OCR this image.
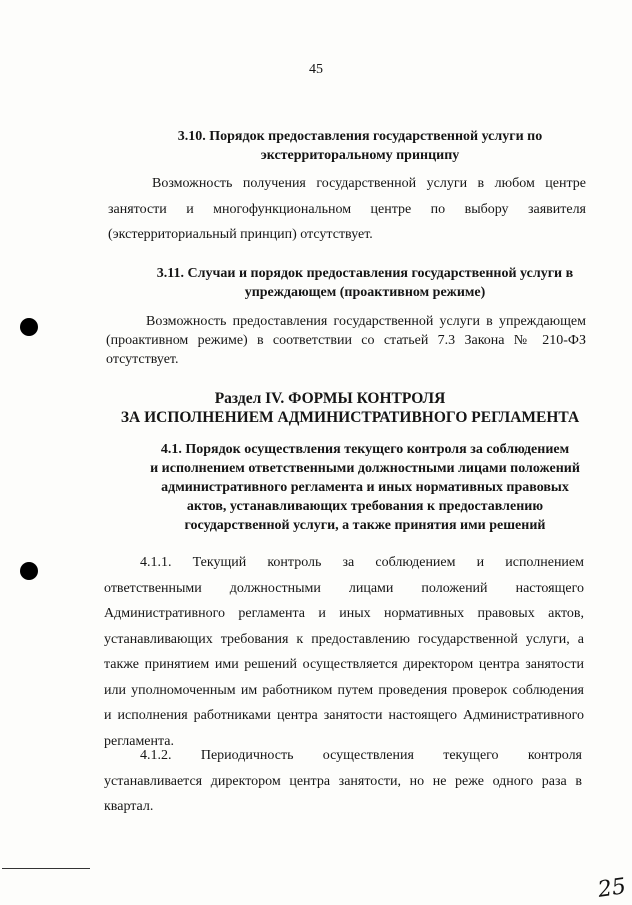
45
3.10. Порядок предоставления государственной услуги по
экстерриторальному принципу
Возможность получения государственной услуги в любом центре
занятости и многофункциональном центре по выбору заявителя
(экстерриториальный принцип) отсутствует.
3.11. Случаи и порядок предоставления государственной услуги в
упреждающем (проактивном режиме)
Возможность предоставления государственной услуги в упреждающем
(проактивном режиме) в соответствии со статьей 7.3 Закона № 210-ФЗ
отсутствует.
Раздел IV. ФОРМЫ КОНТРОЛЯ
ЗА ИСПОЛНЕНИЕМ АДМИНИСТРАТИВНОГО РЕГЛАМЕНТА
4.1. Порядок осуществления текущего контроля за соблюдением
и исполнением ответственными должностными лицами положений
административного регламента и иных нормативных правовых
актов, устанавливающих требования к предоставлению
государственной услуги, а также принятия ими решений
4.1.1. Текущий контроль за соблюдением и исполнением
ответственными должностными лицами положений настоящего
Административного регламента и иных нормативных правовых актов,
устанавливающих требования к предоставлению государственной услуги, а
также принятием ими решений осуществляется директором центра занятости
или уполномоченным им работником путем проведения проверок соблюдения
и исполнения работниками центра занятости настоящего Административного
регламента.
4.1.2. Периодичность осуществления текущего контроля
устанавливается директором центра занятости, но не реже одного раза в
квартал.
25
